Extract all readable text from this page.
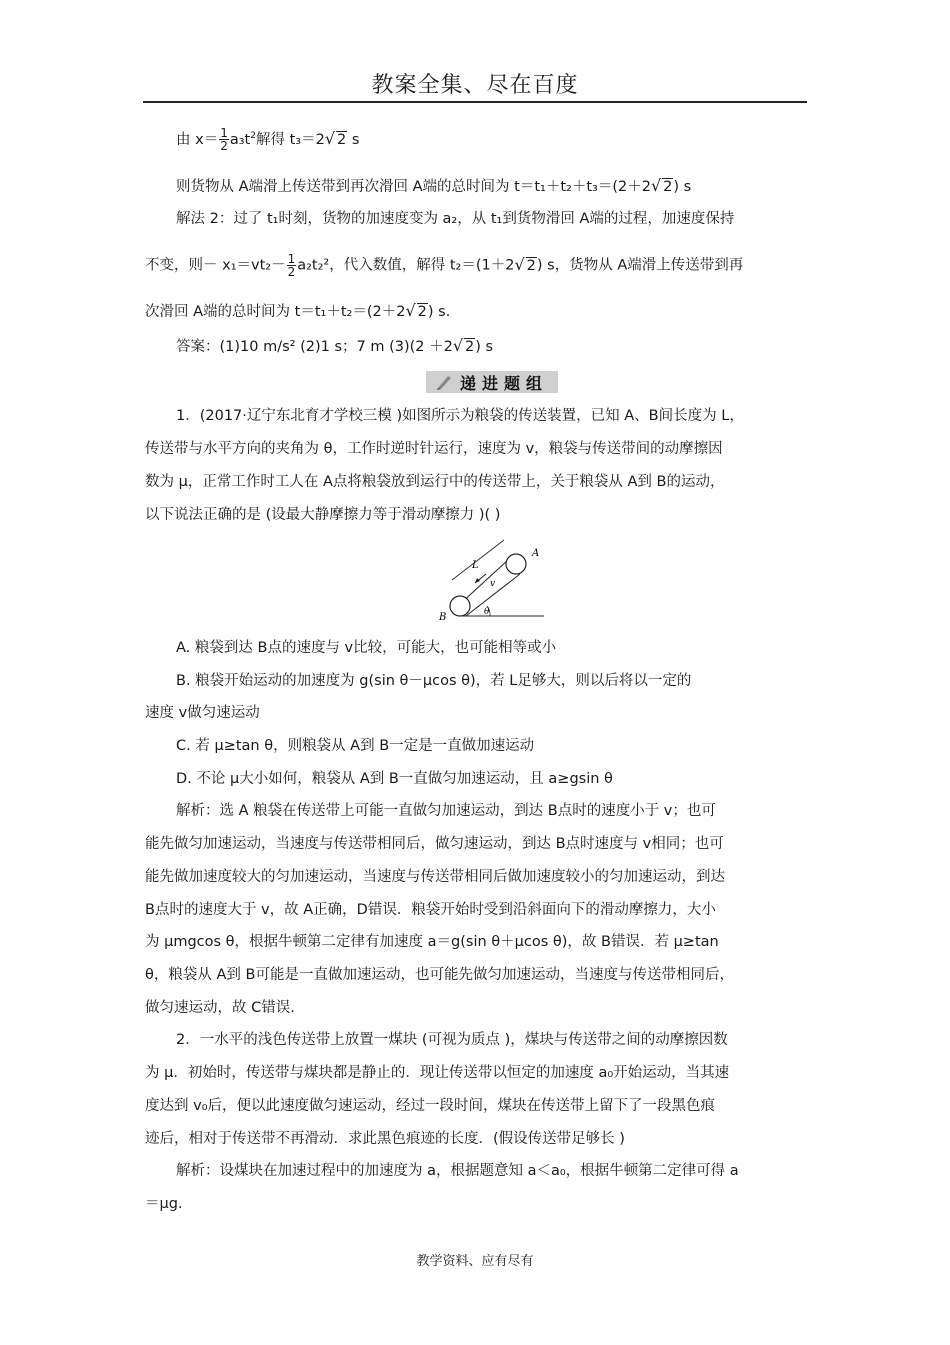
教案全集、尽在百度
由 $x= \frac{1}{2} a_3t^2$解得 t₃＝2√ 2 s
则货物从 A端滑上传送带到再次滑回 A端的总时间为 t＝t₁＋t₂＋t₃＝(2＋2√ 2) s
解法 2：过了 t₁时刻，货物的加速度变为 a₂，从 t₁到货物滑回 A端的过程，加速度保持
不变，则－ $x_1=vt_2- \frac{1}{2} a_2t_2^2$，代入数值，解得 t₂＝(1＋2√ 2) s，货物从 A端滑上传送带到再
次滑回 A端的总时间为 t＝t₁＋t₂＝(2＋2√ 2) s．
答案：(1)10 m/s² (2)1 s；7 m (3)(2 ＋2√ 2) s
递进题组
1．(2017·辽宁东北育才学校三模 )如图所示为粮袋的传送装置，已知 A、B间长度为 L，
传送带与水平方向的夹角为 θ，工作时逆时针运行，速度为 v，粮袋与传送带间的动摩擦因
数为 μ，正常工作时工人在 A点将粮袋放到运行中的传送带上，关于粮袋从 A到 B的运动，
以下说法正确的是 (设最大静摩擦力等于滑动摩擦力 )( )
A
B
L
v
θ
A. 粮袋到达 B点的速度与 v比较，可能大，也可能相等或小
B. 粮袋开始运动的加速度为 g(sin θ－μcos θ)，若 L足够大，则以后将以一定的
速度 v做匀速运动
C. 若 μ≥tan θ，则粮袋从 A到 B一定是一直做加速运动
D. 不论 μ大小如何，粮袋从 A到 B一直做匀加速运动，且 a≥gsin θ
解析：选 A 粮袋在传送带上可能一直做匀加速运动，到达 B点时的速度小于 v；也可
能先做匀加速运动，当速度与传送带相同后，做匀速运动，到达 B点时速度与 v相同；也可
能先做加速度较大的匀加速运动，当速度与传送带相同后做加速度较小的匀加速运动，到达
B点时的速度大于 v，故 A正确，D错误．粮袋开始时受到沿斜面向下的滑动摩擦力，大小
为 μmgcos θ，根据牛顿第二定律有加速度 a＝g(sin θ＋μcos θ)，故 B错误．若 μ≥tan
θ，粮袋从 A到 B可能是一直做加速运动，也可能先做匀加速运动，当速度与传送带相同后，
做匀速运动，故 C错误．
2．一水平的浅色传送带上放置一煤块 (可视为质点 )，煤块与传送带之间的动摩擦因数
为 μ．初始时，传送带与煤块都是静止的．现让传送带以恒定的加速度 a₀开始运动，当其速
度达到 v₀后，便以此速度做匀速运动，经过一段时间，煤块在传送带上留下了一段黑色痕
迹后，相对于传送带不再滑动．求此黑色痕迹的长度．(假设传送带足够长 )
解析：设煤块在加速过程中的加速度为 a，根据题意知 a＜a₀，根据牛顿第二定律可得 a
＝μg.
教学资料、应有尽有
